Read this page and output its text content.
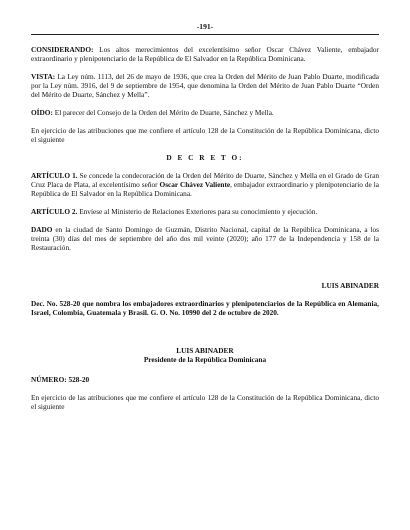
-191-

CONSIDERANDO: Los altos merecimientos del excelentísimo señor Oscar Chávez Valiente, embajador extraordinario y plenipotenciario de la República de El Salvador en la República Dominicana.

VISTA: La Ley núm. 1113, del 26 de mayo de 1936, que crea la Orden del Mérito de Juan Pablo Duarte, modificada por la Ley núm. 3916, del 9 de septiembre de 1954, que denomina la Orden del Mérito de Juan Pablo Duarte “Orden del Mérito de Duarte, Sánchez y Mella”.

OÍDO: El parecer del Consejo de la Orden del Mérito de Duarte, Sánchez y Mella.

En ejercicio de las atribuciones que me confiere el artículo 128 de la Constitución de la República Dominicana, dicto el siguiente

D E C R E T O:

ARTÍCULO 1. Se concede la condecoración de la Orden del Mérito de Duarte, Sánchez y Mella en el Grado de Gran Cruz Placa de Plata, al excelentísimo señor Oscar Chávez Valiente, embajador extraordinario y plenipotenciario de la República de El Salvador en la República Dominicana.

ARTÍCULO 2. Envíese al Ministerio de Relaciones Exteriores para su conocimiento y ejecución.

DADO en la ciudad de Santo Domingo de Guzmán, Distrito Nacional, capital de la República Dominicana, a los treinta (30) días del mes de septiembre del año dos mil veinte (2020); año 177 de la Independencia y 158 de la Restauración.

LUIS ABINADER

Dec. No. 528-20 que nombra los embajadores extraordinarios y plenipotenciarios de la República en Alemania, Israel, Colombia, Guatemala y Brasil. G. O. No. 10990 del 2 de octubre de 2020.

LUIS ABINADER
Presidente de la República Dominicana

NÚMERO: 528-20

En ejercicio de las atribuciones que me confiere el artículo 128 de la Constitución de la República Dominicana, dicto el siguiente
